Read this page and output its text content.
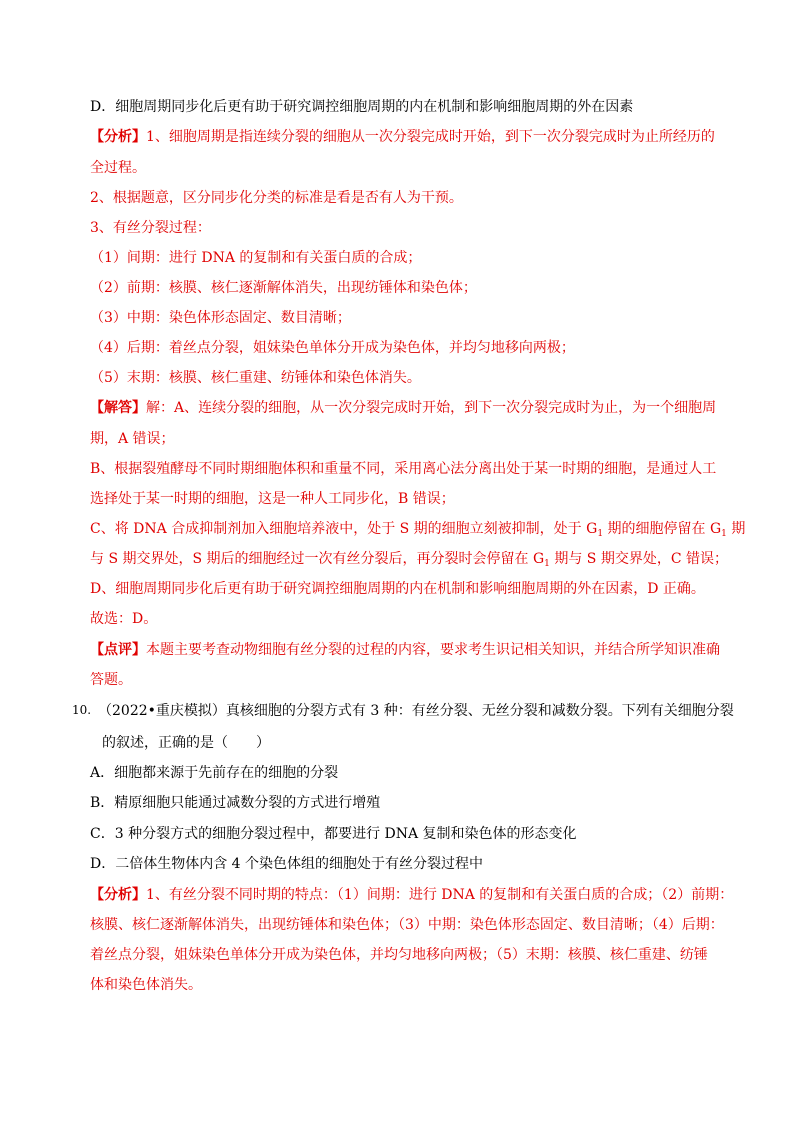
D．细胞周期同步化后更有助于研究调控细胞周期的内在机制和影响细胞周期的外在因素
【分析】1、细胞周期是指连续分裂的细胞从一次分裂完成时开始，到下一次分裂完成时为止所经历的
全过程。
2、根据题意，区分同步化分类的标准是看是否有人为干预。
3、有丝分裂过程：
（1）间期：进行 DNA 的复制和有关蛋白质的合成；
（2）前期：核膜、核仁逐渐解体消失，出现纺锤体和染色体；
（3）中期：染色体形态固定、数目清晰；
（4）后期：着丝点分裂，姐妹染色单体分开成为染色体，并均匀地移向两极；
（5）末期：核膜、核仁重建、纺锤体和染色体消失。
【解答】解：A、连续分裂的细胞，从一次分裂完成时开始，到下一次分裂完成时为止，为一个细胞周
期，A 错误；
B、根据裂殖酵母不同时期细胞体积和重量不同，采用离心法分离出处于某一时期的细胞，是通过人工
选择处于某一时期的细胞，这是一种人工同步化，B 错误；
C、将 DNA 合成抑制剂加入细胞培养液中，处于 S 期的细胞立刻被抑制，处于 $G_1$ 期的细胞停留在 $G_1$ 期
与 S 期交界处，S 期后的细胞经过一次有丝分裂后，再分裂时会停留在 $G_1$ 期与 S 期交界处，C 错误；
D、细胞周期同步化后更有助于研究调控细胞周期的内在机制和影响细胞周期的外在因素，D 正确。
故选：D。
【点评】本题主要考查动物细胞有丝分裂的过程的内容，要求考生识记相关知识，并结合所学知识准确
答题。
10. （2022•重庆模拟）真核细胞的分裂方式有 3 种：有丝分裂、无丝分裂和减数分裂。下列有关细胞分裂
的叙述，正确的是（　　）
A．细胞都来源于先前存在的细胞的分裂
B．精原细胞只能通过减数分裂的方式进行增殖
C．3 种分裂方式的细胞分裂过程中，都要进行 DNA 复制和染色体的形态变化
D．二倍体生物体内含 4 个染色体组的细胞处于有丝分裂过程中
【分析】1、有丝分裂不同时期的特点：（1）间期：进行 DNA 的复制和有关蛋白质的合成；（2）前期：
核膜、核仁逐渐解体消失，出现纺锤体和染色体；（3）中期：染色体形态固定、数目清晰；（4）后期：
着丝点分裂，姐妹染色单体分开成为染色体，并均匀地移向两极；（5）末期：核膜、核仁重建、纺锤
体和染色体消失。
